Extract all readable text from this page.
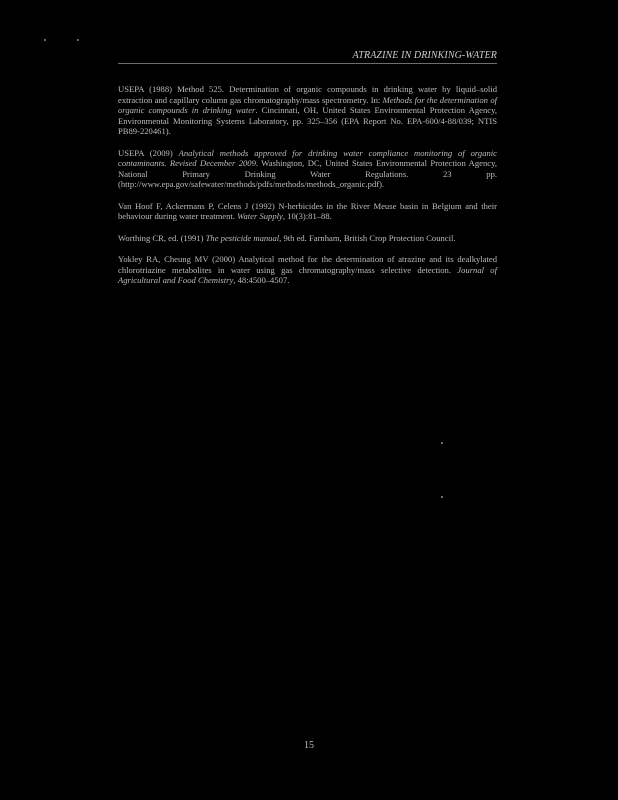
ATRAZINE IN DRINKING-WATER
USEPA (1988) Method 525. Determination of organic compounds in drinking water by liquid–solid extraction and capillary column gas chromatography/mass spectrometry. In: Methods for the determination of organic compounds in drinking water. Cincinnati, OH, United States Environmental Protection Agency, Environmental Monitoring Systems Laboratory, pp. 325–356 (EPA Report No. EPA-600/4-88/039; NTIS PB89-220461).
USEPA (2009) Analytical methods approved for drinking water compliance monitoring of organic contaminants. Revised December 2009. Washington, DC, United States Environmental Protection Agency, National Primary Drinking Water Regulations. 23 pp. (http://www.epa.gov/safewater/methods/pdfs/methods/methods_organic.pdf).
Van Hoof F, Ackermans P, Celens J (1992) N-herbicides in the River Meuse basin in Belgium and their behaviour during water treatment. Water Supply, 10(3):81–88.
Worthing CR, ed. (1991) The pesticide manual, 9th ed. Farnham, British Crop Protection Council.
Yokley RA, Cheung MV (2000) Analytical method for the determination of atrazine and its dealkylated chlorotriazine metabolites in water using gas chromatography/mass selective detection. Journal of Agricultural and Food Chemistry, 48:4500–4507.
15
